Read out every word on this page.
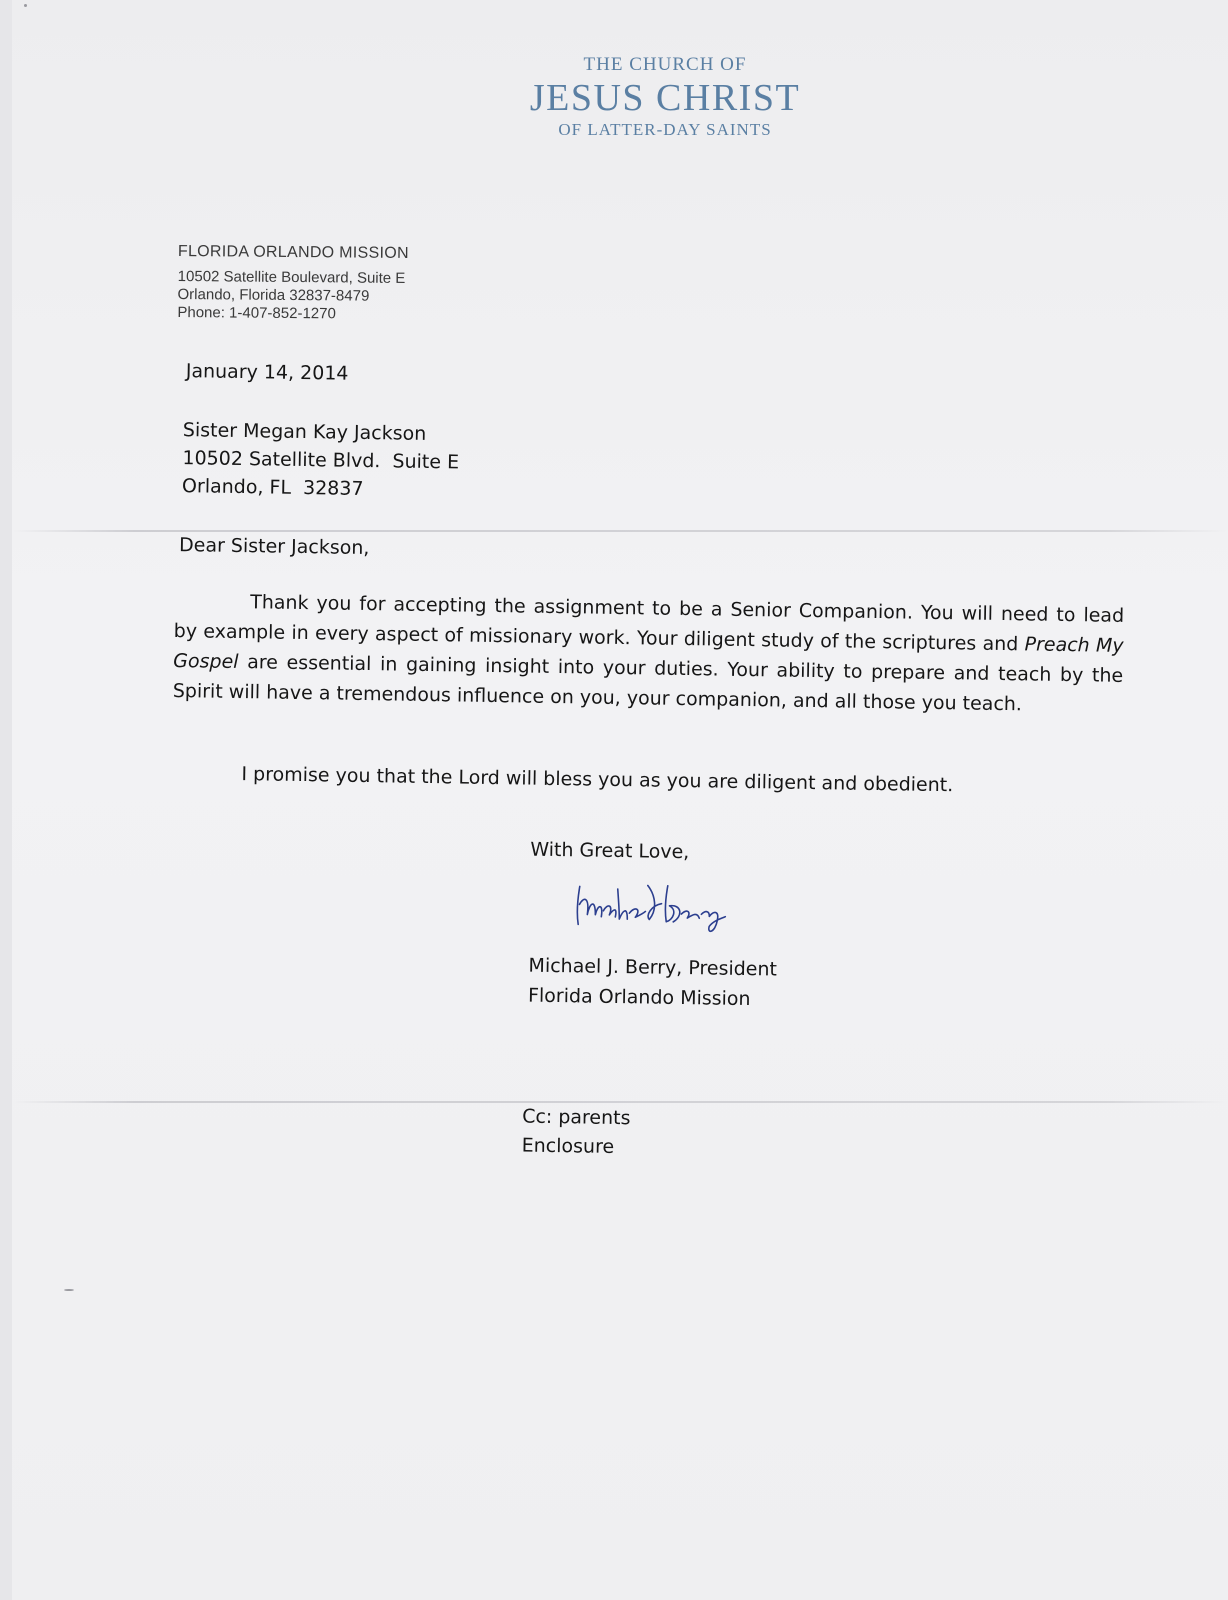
THE CHURCH OF
JESUS CHRIST
OF LATTER-DAY SAINTS
FLORIDA ORLANDO MISSION
10502 Satellite Boulevard, Suite E
Orlando, Florida 32837-8479
Phone: 1-407-852-1270
January 14, 2014
Sister Megan Kay Jackson
10502 Satellite Blvd.  Suite E
Orlando, FL  32837
Dear Sister Jackson,
Thank you for accepting the assignment to be a Senior Companion. You will need to lead by example in every aspect of missionary work. Your diligent study of the scriptures and Preach My Gospel are essential in gaining insight into your duties. Your ability to prepare and teach by the Spirit will have a tremendous influence on you, your companion, and all those you teach.
I promise you that the Lord will bless you as you are diligent and obedient.
With Great Love,
Michael J. Berry, President
Florida Orlando Mission
Cc: parents
Enclosure
